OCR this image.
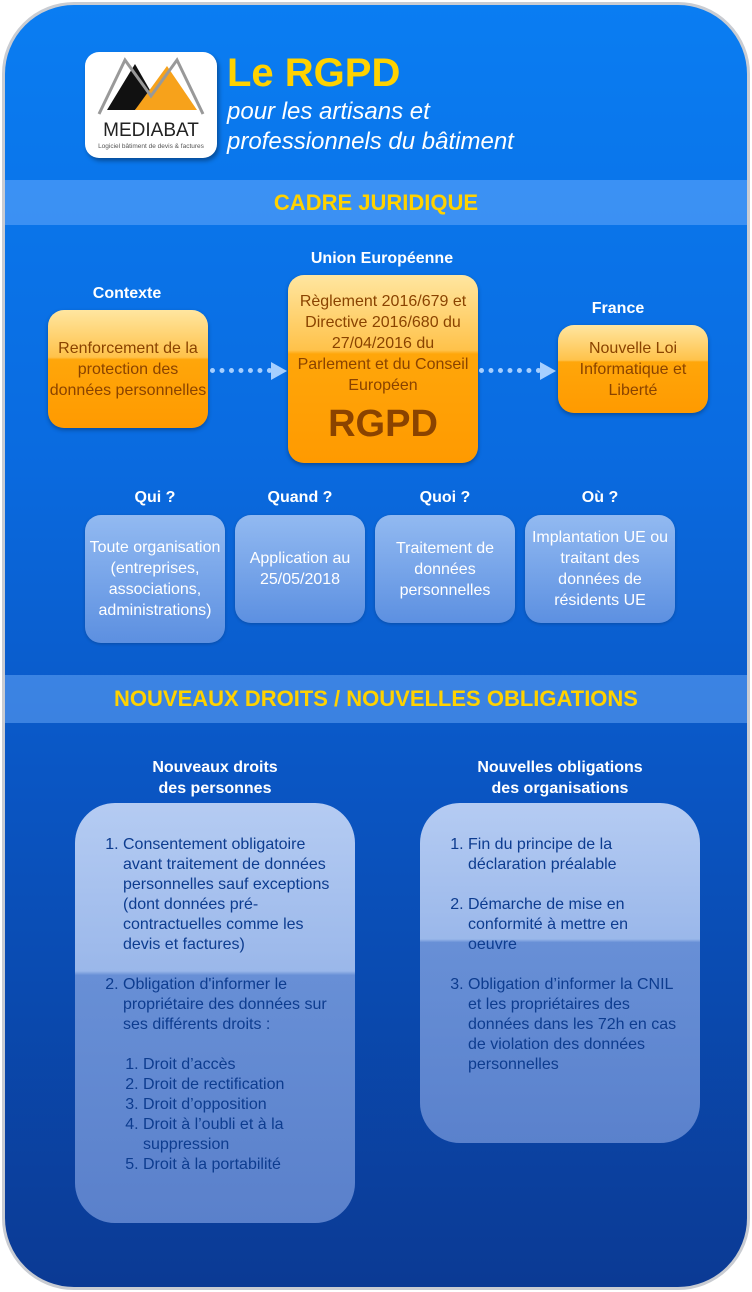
MEDIABAT
Logiciel bâtiment de devis & factures
Le RGPD
pour les artisans et
professionnels du bâtiment
CADRE JURIDIQUE
Contexte
Renforcement de la protection des données personnelles
Union Européenne
Règlement 2016/679 et Directive 2016/680 du 27/04/2016 du Parlement et du Conseil Européen
RGPD
France
Nouvelle Loi Informatique et Liberté
Qui ?
Toute organisation (entreprises, associations, administrations)
Quand ?
Application au 25/05/2018
Quoi ?
Traitement de données personnelles
Où ?
Implantation UE ou traitant des données de résidents UE
NOUVEAUX DROITS / NOUVELLES OBLIGATIONS
Nouveaux droits
des personnes
Nouvelles obligations
des organisations
1. Consentement obligatoire avant traitement de données personnelles sauf exceptions (dont données pré-contractuelles comme les devis et factures)
2. Obligation d'informer le propriétaire des données sur ses différents droits :
1. Droit d’accès
2. Droit de rectification
3. Droit d’opposition
4. Droit à l’oubli et à la suppression
5. Droit à la portabilité
1. Fin du principe de la déclaration préalable
2. Démarche de mise en conformité à mettre en oeuvre
3. Obligation d’informer la CNIL et les propriétaires des données dans les 72h en cas de violation des données personnelles
